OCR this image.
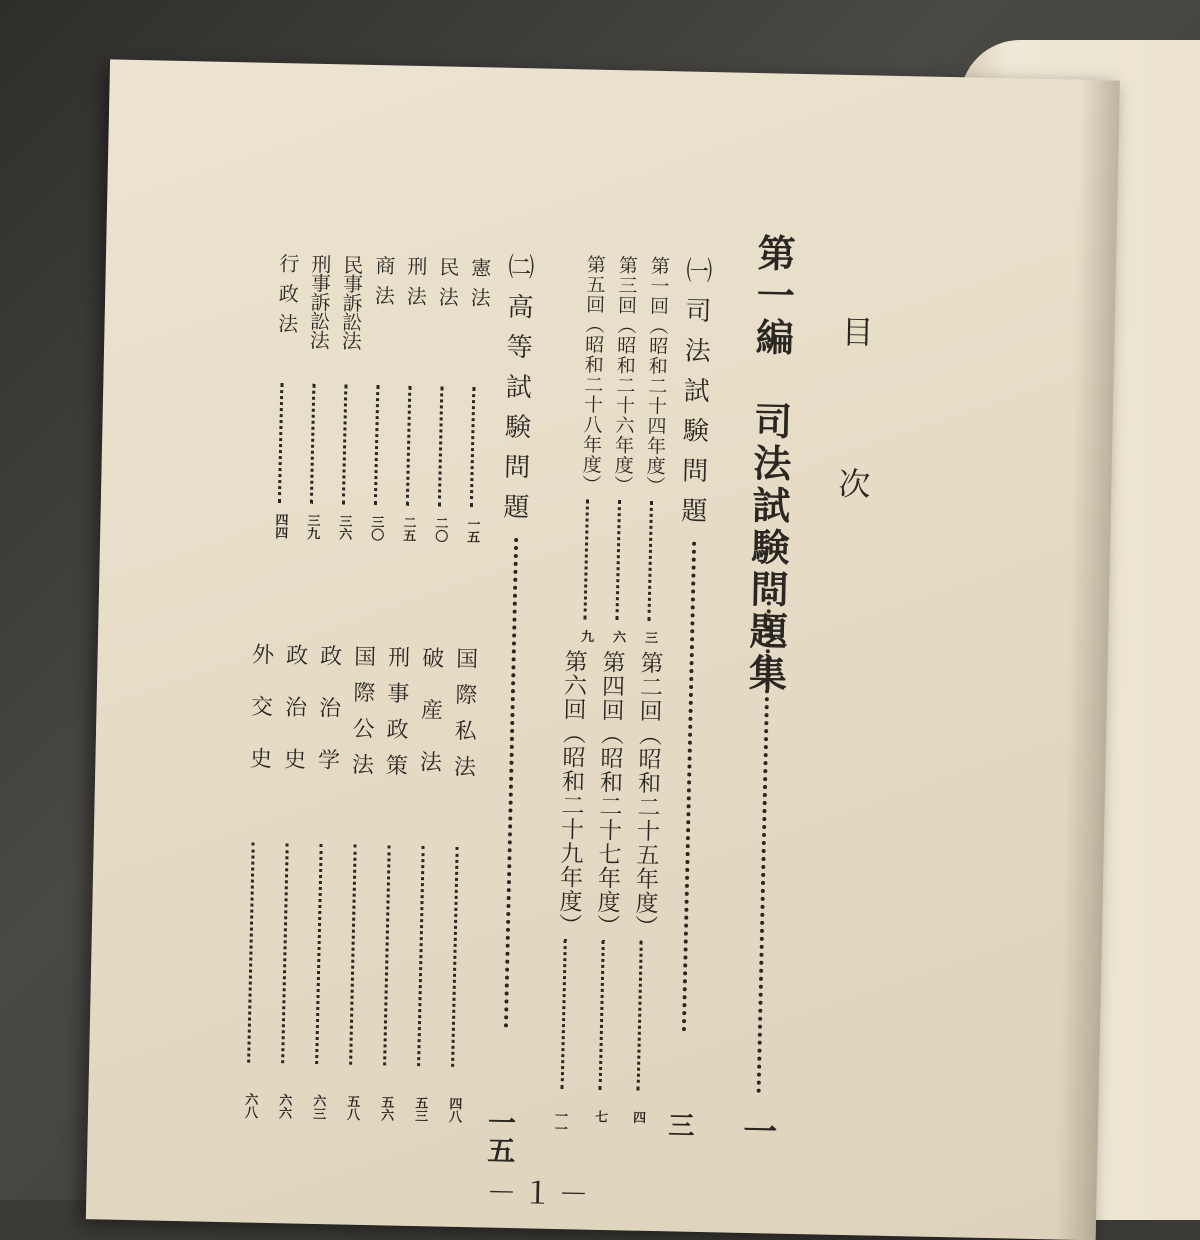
目　次
第一編　司法試験問題集
一
㈠司法試験問題
三
第一回（昭和二十四年度）
三
第三回（昭和二十六年度）
六
第五回（昭和二十八年度）
九
第二回（昭和二十五年度）
四
第四回（昭和二十七年度）
七
第六回（昭和二十九年度）
一一
㈡高等試験問題
一五
憲法
一五
民法
二〇
刑法
二五
商法
三〇
民事訴訟法
三六
刑事訴訟法
三九
行政法
四四
国際私法
四八
破産法
五三
刑事政策
五六
国際公法
五八
政治学
六三
政治史
六六
外交史
六八
－１－
